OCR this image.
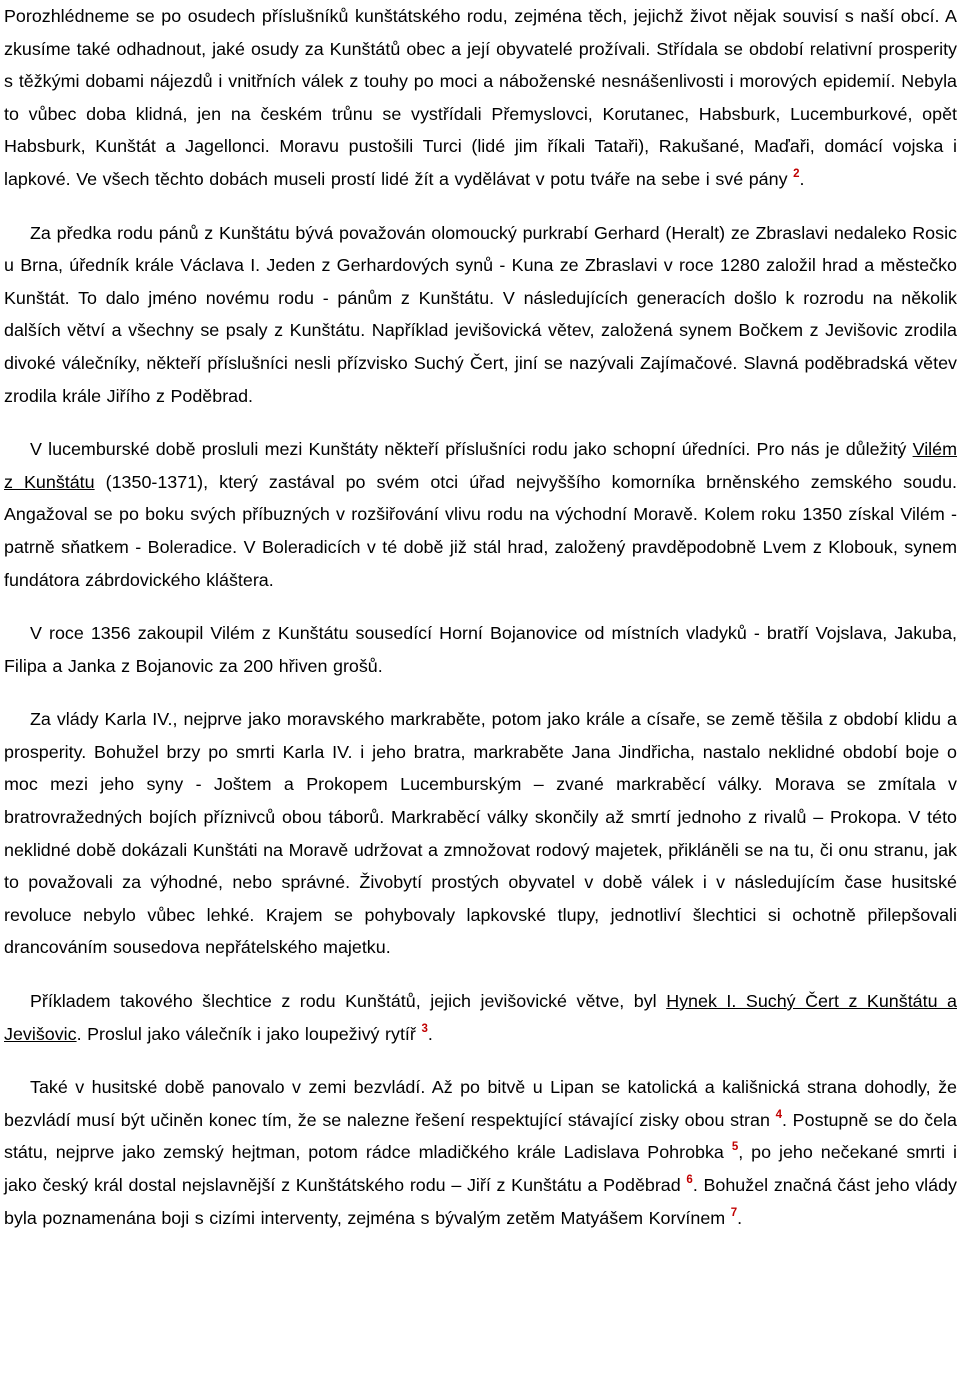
Porozhlédneme se po osudech příslušníků kunštátského rodu, zejména těch, jejichž život nějak souvisí s naší obcí. A zkusíme také odhadnout, jaké osudy za Kunštátů obec a její obyvatelé prožívali. Střídala se období relativní prosperity s těžkými dobami nájezdů i vnitřních válek z touhy po moci a náboženské nesnášenlivosti i morových epidemií. Nebyla to vůbec doba klidná, jen na českém trůnu se vystřídali Přemyslovci, Korutanec, Habsburk, Lucemburkové, opět Habsburk, Kunštát a Jagellonci. Moravu pustošili Turci (lidé jim říkali Tataři), Rakušané, Maďaři, domácí vojska i lapkové. Ve všech těchto dobách museli prostí lidé žít a vydělávat v potu tváře na sebe i své pány $^2$.

Za předka rodu pánů z Kunštátu bývá považován olomoucký purkrabí Gerhard (Heralt) ze Zbraslavi nedaleko Rosic u Brna, úředník krále Václava I. Jeden z Gerhardových synů - Kuna ze Zbraslavi v roce 1280 založil hrad a městečko Kunštát. To dalo jméno novému rodu - pánům z Kunštátu. V následujících generacích došlo k rozrodu na několik dalších větví a všechny se psaly z Kunštátu. Například jevišovická větev, založená synem Bočkem z Jevišovic zrodila divoké válečníky, někteří příslušníci nesli přízvisko Suchý Čert, jiní se nazývali Zajímačové. Slavná poděbradská větev zrodila krále Jiřího z Poděbrad.

V lucemburské době prosluli mezi Kunštáty někteří příslušníci rodu jako schopní úředníci. Pro nás je důležitý Vilém z Kunštátu (1350-1371), který zastával po svém otci úřad nejvyššího komorníka brněnského zemského soudu. Angažoval se po boku svých příbuzných v rozšiřování vlivu rodu na východní Moravě. Kolem roku 1350 získal Vilém - patrně sňatkem - Boleradice. V Boleradicích v té době již stál hrad, založený pravděpodobně Lvem z Klobouk, synem fundátora zábrdovického kláštera.

V roce 1356 zakoupil Vilém z Kunštátu sousedící Horní Bojanovice od místních vladyků - bratří Vojslava, Jakuba, Filipa a Janka z Bojanovic za 200 hřiven grošů.

Za vlády Karla IV., nejprve jako moravského markraběte, potom jako krále a císaře, se země těšila z období klidu a prosperity. Bohužel brzy po smrti Karla IV. i jeho bratra, markraběte Jana Jindřicha, nastalo neklidné období boje o moc mezi jeho syny - Joštem a Prokopem Lucemburským – zvané markraběcí války. Morava se zmítala v bratrovražedných bojích příznivců obou táborů. Markraběcí války skončily až smrtí jednoho z rivalů – Prokopa. V této neklidné době dokázali Kunštáti na Moravě udržovat a zmnožovat rodový majetek, přikláněli se na tu, či onu stranu, jak to považovali za výhodné, nebo správné. Živobytí prostých obyvatel v době válek i v následujícím čase husitské revoluce nebylo vůbec lehké. Krajem se pohybovaly lapkovské tlupy, jednotliví šlechtici si ochotně přilepšovali drancováním sousedova nepřátelského majetku.

Příkladem takového šlechtice z rodu Kunštátů, jejich jevišovické větve, byl Hynek I. Suchý Čert z Kunštátu a Jevišovic. Proslul jako válečník i jako loupeživý rytíř $^3$.

Také v husitské době panovalo v zemi bezvládí. Až po bitvě u Lipan se katolická a kališnická strana dohodly, že bezvládí musí být učiněn konec tím, že se nalezne řešení respektující stávající zisky obou stran $^4$. Postupně se do čela státu, nejprve jako zemský hejtman, potom rádce mladičkého krále Ladislava Pohrobka $^5$, po jeho nečekané smrti i jako český král dostal nejslavnější z Kunštátského rodu – Jiří z Kunštátu a Poděbrad $^6$. Bohužel značná část jeho vlády byla poznamenána boji s cizími interventy, zejména s bývalým zetěm Matyášem Korvínem $^7$.
